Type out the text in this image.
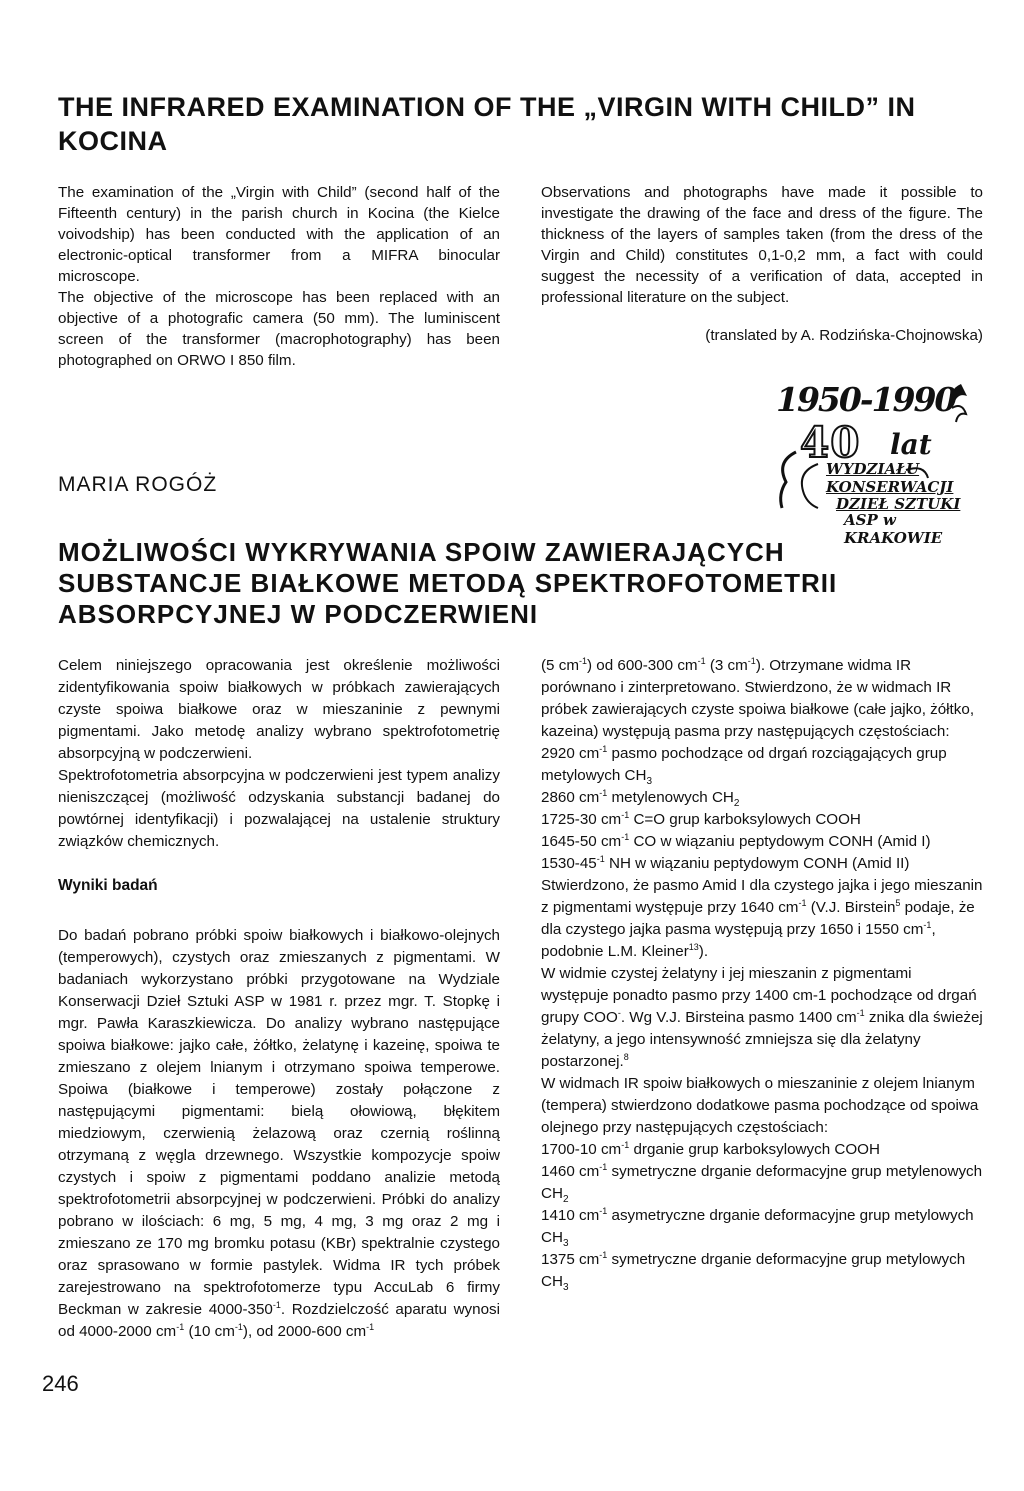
THE INFRARED EXAMINATION OF THE „VIRGIN WITH CHILD” IN KOCINA

The examination of the „Virgin with Child” (second half of the Fifteenth century) in the parish church in Kocina (the Kielce voivodship) has been conducted with the application of an electronic-optical transformer from a MIFRA binocular microscope.

The objective of the microscope has been replaced with an objective of a photografic camera (50 mm). The luminiscent screen of the transformer (macrophotography) has been photographed on ORWO I 850 film.

Observations and photographs have made it possible to investigate the drawing of the face and dress of the figure. The thickness of the layers of samples taken (from the dress of the Virgin and Child) constitutes 0,1-0,2 mm, a fact with could suggest the necessity of a verification of data, accepted in professional literature on the subject.

(translated by A. Rodzińska-Chojnowska)

1950-1990
40 lat
WYDZIAŁU
KONSERWACJI
DZIEŁ SZTUKI
ASP w KRAKOWIE
MARIA ROGÓŻ
MOŻLIWOŚCI WYKRYWANIA SPOIW ZAWIERAJĄCYCH
SUBSTANCJE BIAŁKOWE METODĄ SPEKTROFOTOMETRII
ABSORPCYJNEJ W PODCZERWIENI

Celem niniejszego opracowania jest określenie możliwości zidentyfikowania spoiw białkowych w próbkach zawierających czyste spoiwa białkowe oraz w mieszaninie z pewnymi pigmentami. Jako metodę analizy wybrano spektrofotometrię absorpcyjną w podczerwieni.

Spektrofotometria absorpcyjna w podczerwieni jest typem analizy nieniszczącej (możliwość odzyskania substancji badanej do powtórnej identyfikacji) i pozwalającej na ustalenie struktury związków chemicznych.

Wyniki badań

Do badań pobrano próbki spoiw białkowych i białkowo-olejnych (temperowych), czystych oraz zmieszanych z pigmentami. W badaniach wykorzystano próbki przygotowane na Wydziale Konserwacji Dzieł Sztuki ASP w 1981 r. przez mgr. T. Stopkę i mgr. Pawła Karaszkiewicza. Do analizy wybrano następujące spoiwa białkowe: jajko całe, żółtko, żelatynę i kazeinę, spoiwa te zmieszano z olejem lnianym i otrzymano spoiwa temperowe. Spoiwa (białkowe i temperowe) zostały połączone z następującymi pigmentami: bielą ołowiową, błękitem miedziowym, czerwienią żelazową oraz czernią roślinną otrzymaną z węgla drzewnego. Wszystkie kompozycje spoiw czystych i spoiw z pigmentami poddano analizie metodą spektrofotometrii absorpcyjnej w podczerwieni. Próbki do analizy pobrano w ilościach: 6 mg, 5 mg, 4 mg, 3 mg oraz 2 mg i zmieszano ze 170 mg bromku potasu (KBr) spektralnie czystego oraz sprasowano w formie pastylek. Widma IR tych próbek zarejestrowano na spektrofotomerze typu AccuLab 6 firmy Beckman w zakresie $4000-350^{-1}$. Rozdzielczość aparatu wynosi od 4000-2000 $cm^{-1}$ (10 $cm^{-1}$), od 2000-600 $cm^{-1}$

(5 $cm^{-1}$) od 600-300 $cm^{-1}$ (3 $cm^{-1}$). Otrzymane widma IR porównano i zinterpretowano. Stwierdzono, że w widmach IR próbek zawierających czyste spoiwa białkowe (całe jajko, żółtko, kazeina) występują pasma przy następujących częstościach:

2920 $cm^{-1}$ pasmo pochodzące od drgań rozciągających grup metylowych $CH_3$

2860 $cm^{-1}$ metylenowych $CH_2$

1725-30 $cm^{-1}$ C=O grup karboksylowych COOH

1645-50 $cm^{-1}$ CO w wiązaniu peptydowym CONH (Amid I)

$1530-45^{-1}$ NH w wiązaniu peptydowym CONH (Amid II)

Stwierdzono, że pasmo Amid I dla czystego jajka i jego mieszanin z pigmentami występuje przy 1640 $cm^{-1}$ (V.J. Birstein$^5$ podaje, że dla czystego jajka pasma występują przy 1650 i 1550 $cm^{-1}$, podobnie L.M. Kleiner$^{13}$).

W widmie czystej żelatyny i jej mieszanin z pigmentami występuje ponadto pasmo przy 1400 cm-1 pochodzące od drgań grupy COO-. Wg V.J. Birsteina pasmo 1400 $cm^{-1}$ znika dla świeżej żelatyny, a jego intensywność zmniejsza się dla żelatyny postarzonej.$^8$

W widmach IR spoiw białkowych o mieszaninie z olejem lnianym (tempera) stwierdzono dodatkowe pasma pochodzące od spoiwa olejnego przy następujących częstościach:

1700-10 $cm^{-1}$ drganie grup karboksylowych COOH

1460 $cm^{-1}$ symetryczne drganie deformacyjne grup metylenowych $CH_2$

1410 $cm^{-1}$ asymetryczne drganie deformacyjne grup metylowych $CH_3$

1375 $cm^{-1}$ symetryczne drganie deformacyjne grup metylowych $CH_3$

246
